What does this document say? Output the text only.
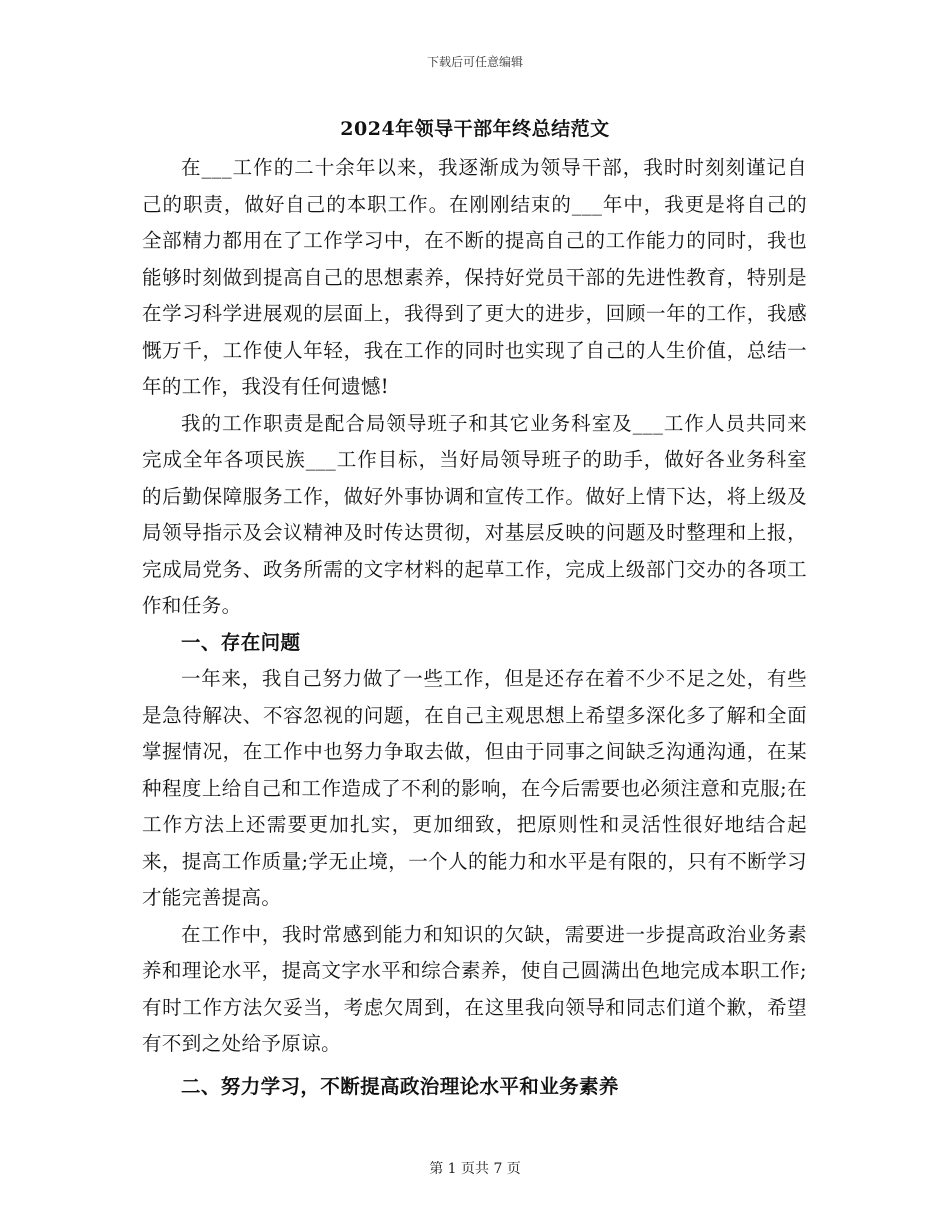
下载后可任意编辑
2024年领导干部年终总结范文

在___工作的二十余年以来，我逐渐成为领导干部，我时时刻刻谨记自己的职责，做好自己的本职工作。在刚刚结束的___年中，我更是将自己的全部精力都用在了工作学习中，在不断的提高自己的工作能力的同时，我也能够时刻做到提高自己的思想素养，保持好党员干部的先进性教育，特别是在学习科学进展观的层面上，我得到了更大的进步，回顾一年的工作，我感慨万千，工作使人年轻，我在工作的同时也实现了自己的人生价值，总结一年的工作，我没有任何遗憾!

我的工作职责是配合局领导班子和其它业务科室及___工作人员共同来完成全年各项民族___工作目标，当好局领导班子的助手，做好各业务科室的后勤保障服务工作，做好外事协调和宣传工作。做好上情下达，将上级及局领导指示及会议精神及时传达贯彻，对基层反映的问题及时整理和上报，完成局党务、政务所需的文字材料的起草工作，完成上级部门交办的各项工作和任务。

一、存在问题

一年来，我自己努力做了一些工作，但是还存在着不少不足之处，有些是急待解决、不容忽视的问题，在自己主观思想上希望多深化多了解和全面掌握情况，在工作中也努力争取去做，但由于同事之间缺乏沟通沟通，在某种程度上给自己和工作造成了不利的影响，在今后需要也必须注意和克服;在工作方法上还需要更加扎实，更加细致，把原则性和灵活性很好地结合起来，提高工作质量;学无止境，一个人的能力和水平是有限的，只有不断学习才能完善提高。

在工作中，我时常感到能力和知识的欠缺，需要进一步提高政治业务素养和理论水平，提高文字水平和综合素养，使自己圆满出色地完成本职工作;有时工作方法欠妥当，考虑欠周到，在这里我向领导和同志们道个歉，希望有不到之处给予原谅。

二、努力学习，不断提高政治理论水平和业务素养

第 1 页共 7 页
